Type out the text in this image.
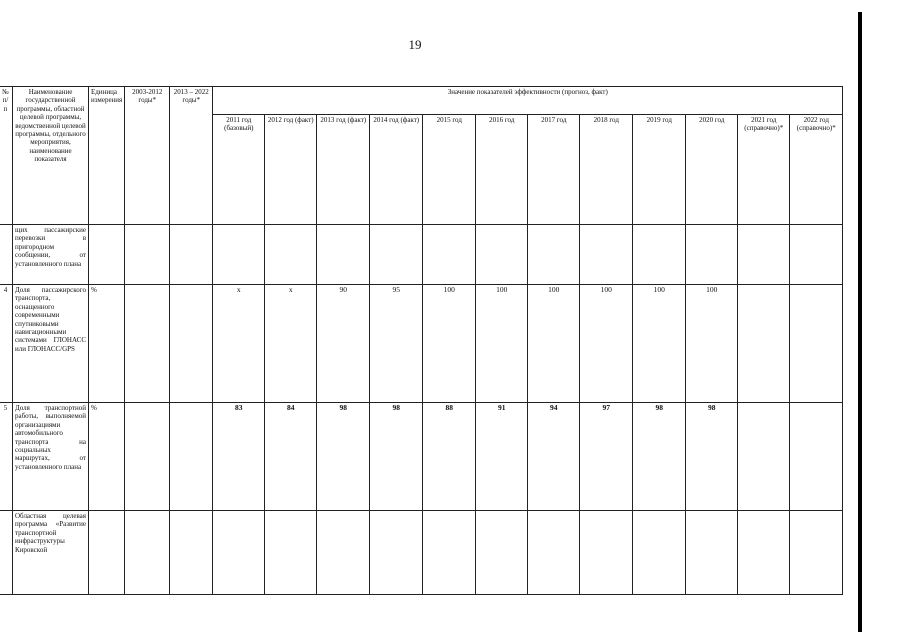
19
№ п/п	Наименование государственной программы, областной целевой программы, ведомственной целевой программы, отдельного мероприятия, наименование показателя	Единица измерения	2003-2012 годы*	2013 – 2022 годы*	Значение показателей эффективности (прогноз, факт)											
					2011 год (базовый)	2012 год (факт)	2013 год (факт)	2014 год (факт)	2015 год	2016 год	2017 год	2018 год	2019 год	2020 год	2021 год (справочно)*	2022 год (справочно)*
	щих пассажирские перевозки в пригородном сообщении, от установленного плана															
4	Доля пассажирского транспорта, оснащенного современными спутниковыми навигационными системами ГЛОНАСС или ГЛОНАСС/GPS	%			х	х	90	95	100	100	100	100	100	100		
5	Доля транспортной работы, выполняемой организациями автомобильного транспорта на социальных маршрутах, от установленного плана	%			83	84	98	98	88	91	94	97	98	98		
	Областная целевая программа «Развитие транспортной инфраструктуры Кировской															
